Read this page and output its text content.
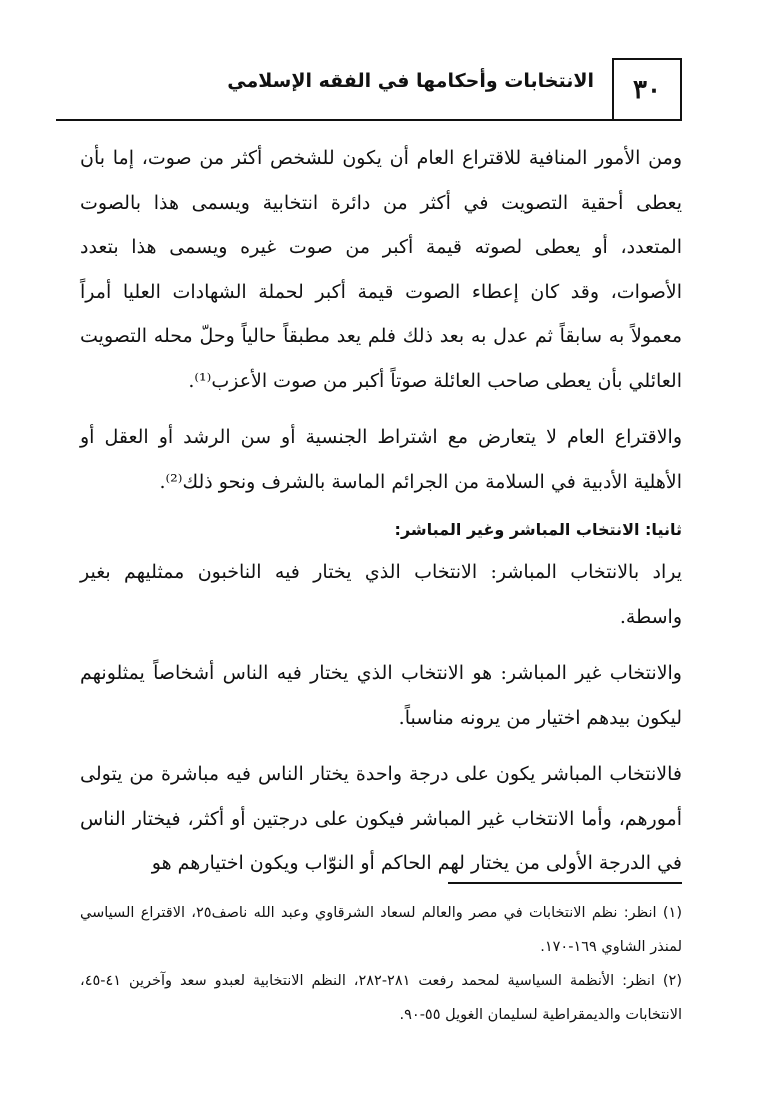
٣٠
الانتخابات وأحكامها في الفقه الإسلامي

ومن الأمور المنافية للاقتراع العام أن يكون للشخص أكثر من صوت، إما بأن يعطى أحقية التصويت في أكثر من دائرة انتخابية ويسمى هذا بالصوت المتعدد، أو يعطى لصوته قيمة أكبر من صوت غيره ويسمى هذا بتعدد الأصوات، وقد كان إعطاء الصوت قيمة أكبر لحملة الشهادات العليا أمراً معمولاً به سابقاً ثم عدل به بعد ذلك فلم يعد مطبقاً حالياً وحلّ محله التصويت العائلي بأن يعطى صاحب العائلة صوتاً أكبر من صوت الأعزب⁽¹⁾.

والاقتراع العام لا يتعارض مع اشتراط الجنسية أو سن الرشد أو العقل أو الأهلية الأدبية في السلامة من الجرائم الماسة بالشرف ونحو ذلك⁽²⁾.

ثانيا: الانتخاب المباشر وغير المباشر:

يراد بالانتخاب المباشر: الانتخاب الذي يختار فيه الناخبون ممثليهم بغير واسطة.

والانتخاب غير المباشر: هو الانتخاب الذي يختار فيه الناس أشخاصاً يمثلونهم ليكون بيدهم اختيار من يرونه مناسباً.

فالانتخاب المباشر يكون على درجة واحدة يختار الناس فيه مباشرة من يتولى أمورهم، وأما الانتخاب غير المباشر فيكون على درجتين أو أكثر، فيختار الناس في الدرجة الأولى من يختار لهم الحاكم أو النوّاب ويكون اختيارهم هو

(١) انظر: نظم الانتخابات في مصر والعالم لسعاد الشرقاوي وعبد الله ناصف٢٥، الاقتراع السياسي لمنذر الشاوي ١٦٩-١٧٠.

(٢) انظر: الأنظمة السياسية لمحمد رفعت ٢٨١-٢٨٢، النظم الانتخابية لعبدو سعد وآخرين ٤١-٤٥، الانتخابات والديمقراطية لسليمان الغويل ٥٥-٩٠.
